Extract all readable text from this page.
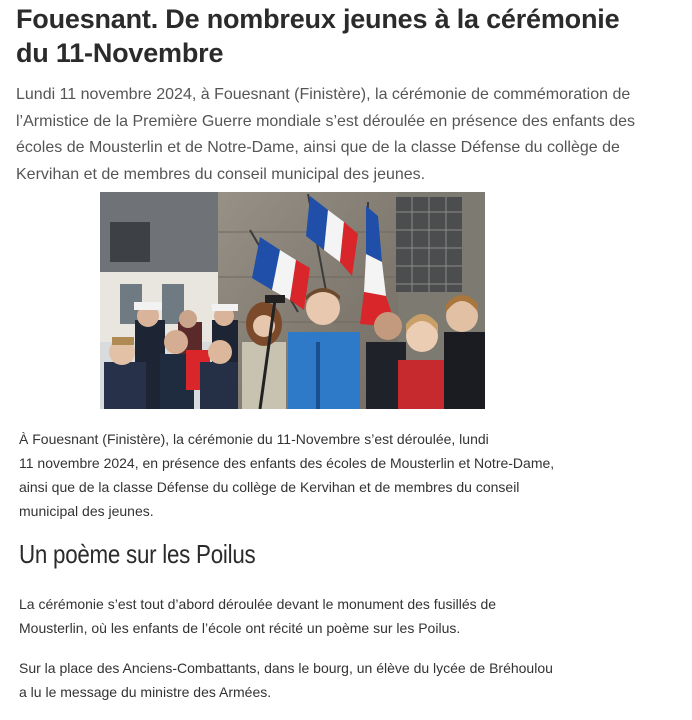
Fouesnant. De nombreux jeunes à la cérémonie
du 11-Novembre

Lundi 11 novembre 2024, à Fouesnant (Finistère), la cérémonie de commémoration de l’Armistice de la Première Guerre mondiale s’est déroulée en présence des enfants des écoles de Mousterlin et de Notre-Dame, ainsi que de la classe Défense du collège de Kervihan et de membres du conseil municipal des jeunes.

À Fouesnant (Finistère), la cérémonie du 11-Novembre s’est déroulée, lundi
11 novembre 2024, en présence des enfants des écoles de Mousterlin et Notre-Dame,
ainsi que de la classe Défense du collège de Kervihan et de membres du conseil
municipal des jeunes.

Un poème sur les Poilus

La cérémonie s’est tout d’abord déroulée devant le monument des fusillés de
Mousterlin, où les enfants de l’école ont récité un poème sur les Poilus.

Sur la place des Anciens-Combattants, dans le bourg, un élève du lycée de Bréhoulou
a lu le message du ministre des Armées.
